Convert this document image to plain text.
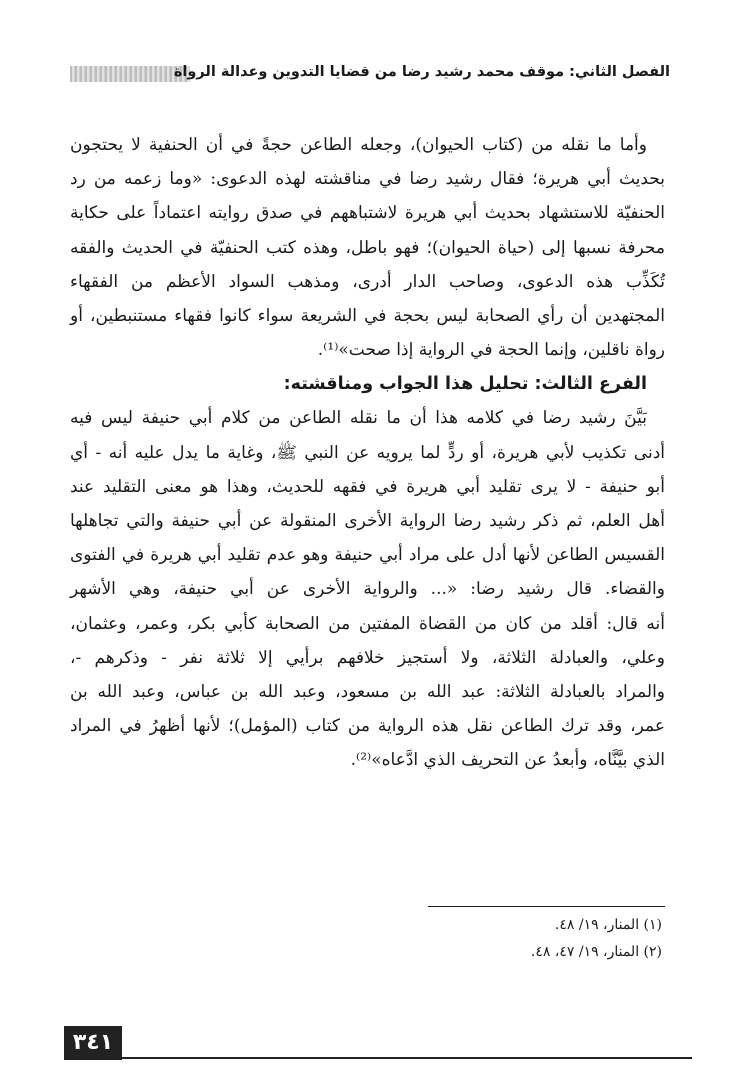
الفصل الثاني: موقف محمد رشيد رضا من قضايا التدوين وعدالة الرواة
وأما ما نقله من (كتاب الحيوان)، وجعله الطاعن حجةً في أن الحنفية لا يحتجون
بحديث أبي هريرة؛ فقال رشيد رضا في مناقشته لهذه الدعوى: «وما زعمه من رد
الحنفيّة للاستشهاد بحديث أبي هريرة لاشتباههم في صدق روايته اعتماداً على حكاية
محرفة نسبها إلى (حياة الحيوان)؛ فهو باطل، وهذه كتب الحنفيّة في الحديث والفقه
تُكَذِّب هذه الدعوى، وصاحب الدار أدرى، ومذهب السواد الأعظم من الفقهاء
المجتهدين أن رأي الصحابة ليس بحجة في الشريعة سواء كانوا فقهاء مستنبطين، أو
رواة ناقلين، وإنما الحجة في الرواية إذا صحت»⁽¹⁾.
الفرع الثالث: تحليل هذا الجواب ومناقشته:
بَيَّنَ رشيد رضا في كلامه هذا أن ما نقله الطاعن من كلام أبي حنيفة ليس فيه
أدنى تكذيب لأبي هريرة، أو ردٍّ لما يرويه عن النبي ﷺ، وغاية ما يدل عليه أنه - أي
أبو حنيفة - لا يرى تقليد أبي هريرة في فقهه للحديث، وهذا هو معنى التقليد عند
أهل العلم، ثم ذكر رشيد رضا الرواية الأخرى المنقولة عن أبي حنيفة والتي تجاهلها
القسيس الطاعن لأنها أدل على مراد أبي حنيفة وهو عدم تقليد أبي هريرة في الفتوى
والقضاء. قال رشيد رضا: «... والرواية الأخرى عن أبي حنيفة، وهي الأشهر
أنه قال: أقلد من كان من القضاة المفتين من الصحابة كأبي بكر، وعمر، وعثمان،
وعلي، والعبادلة الثلاثة، ولا أستجيز خلافهم برأيي إلا ثلاثة نفر - وذكرهم -،
والمراد بالعبادلة الثلاثة: عبد الله بن مسعود، وعبد الله بن عباس، وعبد الله بن
عمر، وقد ترك الطاعن نقل هذه الرواية من كتاب (المؤمل)؛ لأنها أظهرُ في المراد
الذي بيَّنَّاه، وأبعدُ عن التحريف الذي ادَّعاه»⁽²⁾.
(١) المنار، ١٩/ ٤٨.
(٢) المنار، ١٩/ ٤٧، ٤٨.
٣٤١
